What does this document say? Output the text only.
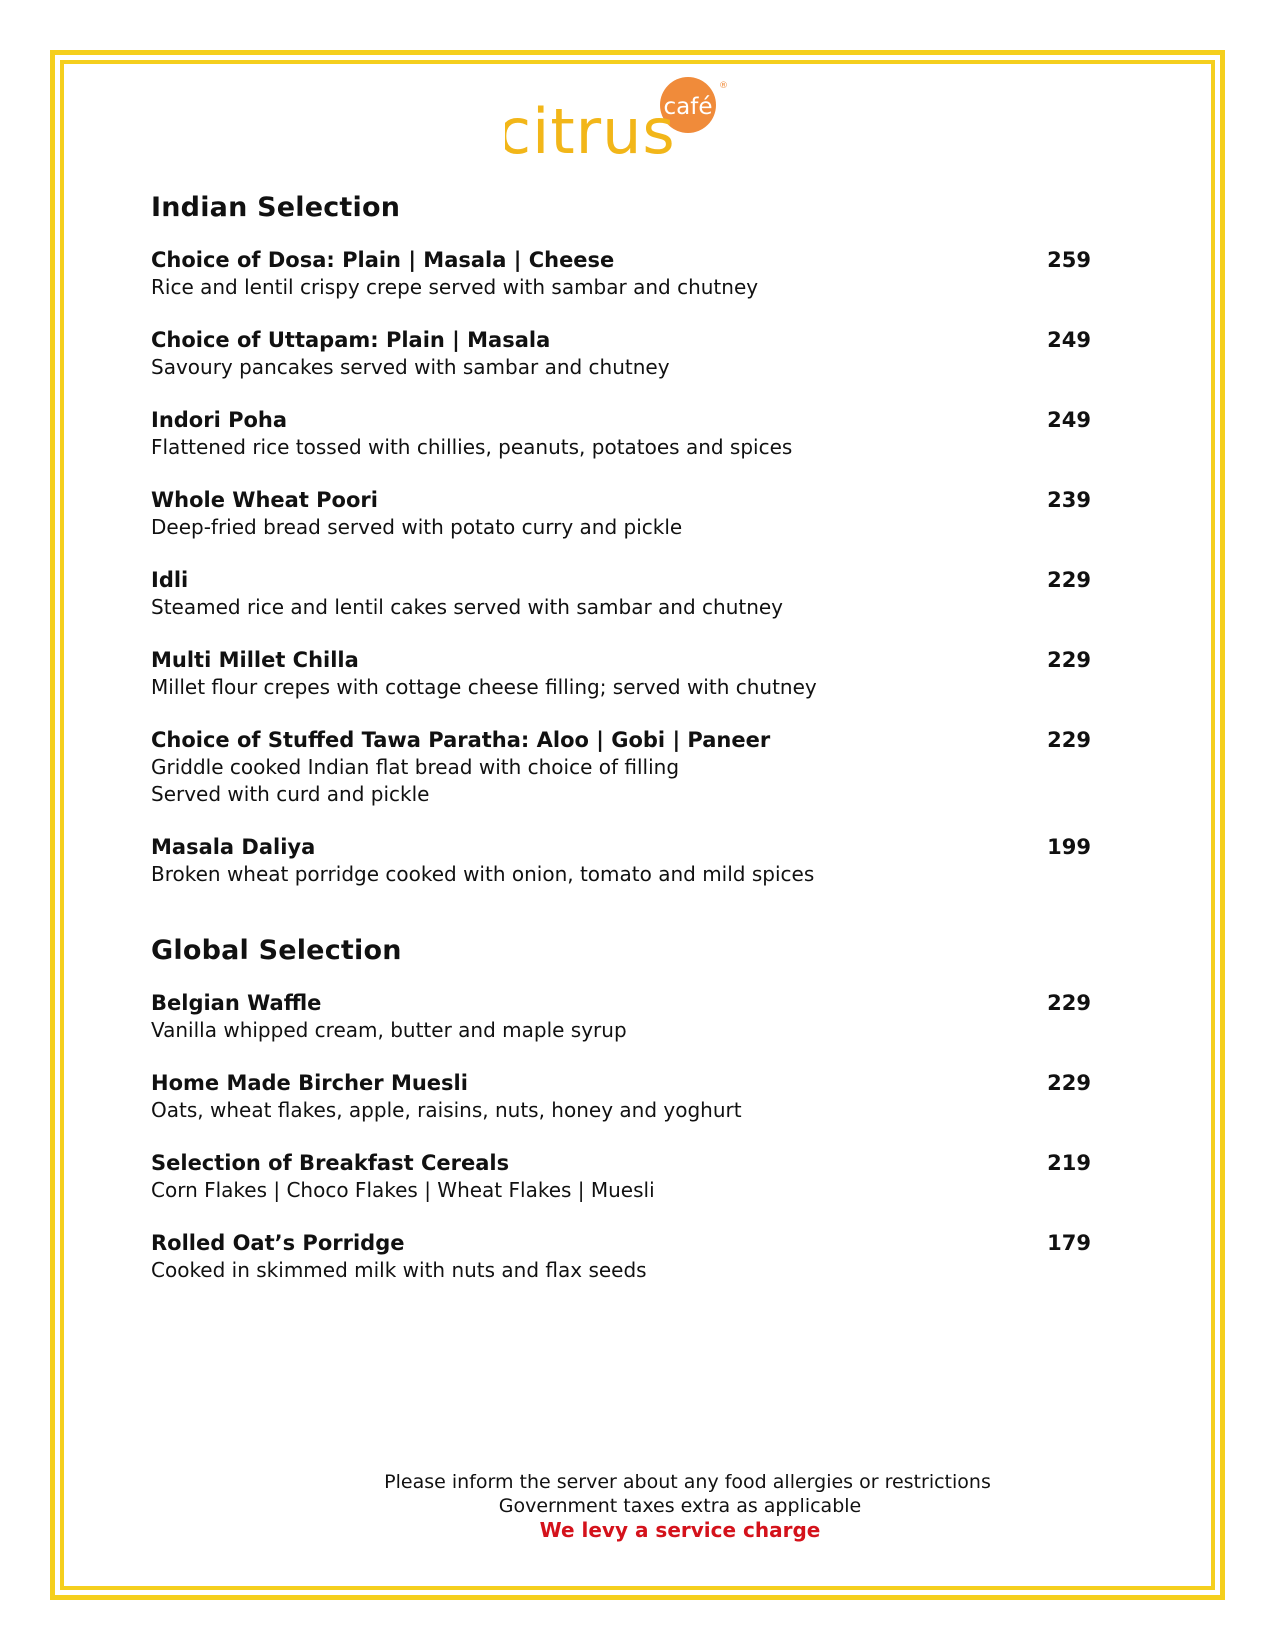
café
®
citrus
Indian Selection
Choice of Dosa: Plain | Masala | Cheese
Rice and lentil crispy crepe served with sambar and chutney
259
Choice of Uttapam: Plain | Masala
Savoury pancakes served with sambar and chutney
249
Indori Poha
Flattened rice tossed with chillies, peanuts, potatoes and spices
249
Whole Wheat Poori
Deep-fried bread served with potato curry and pickle
239
Idli
Steamed rice and lentil cakes served with sambar and chutney
229
Multi Millet Chilla
Millet flour crepes with cottage cheese filling; served with chutney
229
Choice of Stuffed Tawa Paratha: Aloo | Gobi | Paneer
Griddle cooked Indian flat bread with choice of filling
Served with curd and pickle
229
Masala Daliya
Broken wheat porridge cooked with onion, tomato and mild spices
199
Global Selection
Belgian Waffle
Vanilla whipped cream, butter and maple syrup
229
Home Made Bircher Muesli
Oats, wheat flakes, apple, raisins, nuts, honey and yoghurt
229
Selection of Breakfast Cereals
Corn Flakes | Choco Flakes | Wheat Flakes | Muesli
219
Rolled Oat’s Porridge
Cooked in skimmed milk with nuts and flax seeds
179
Please inform the server about any food allergies or restrictions
Government taxes extra as applicable
We levy a service charge
